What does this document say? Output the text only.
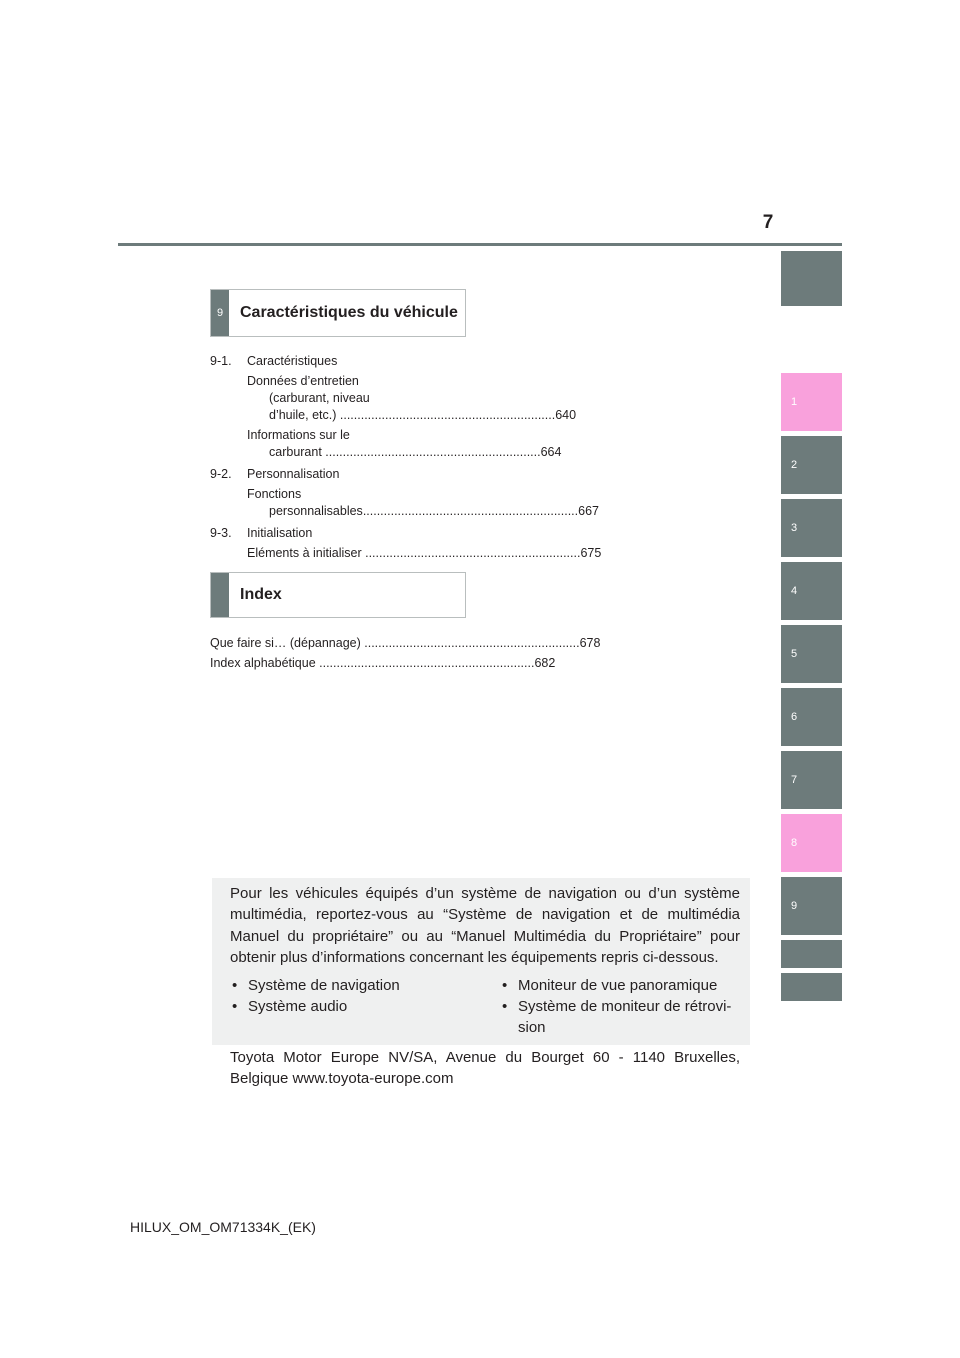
7
1
2
3
4
5
6
7
8
9
9	Caractéristiques du véhicule
9-1. Caractéristiques
Données d’entretien
(carburant, niveau
d’huile, etc.) .............................................................. 640
Informations sur le
carburant .............................................................. 664
9-2. Personnalisation
Fonctions
personnalisables .............................................................. 667
9-3. Initialisation
Eléments à initialiser .............................................................. 675
Index
Que faire si… (dépannage) .............................................................. 678
Index alphabétique .............................................................. 682
Pour les véhicules équipés d’un système de navigation ou d’un système multimédia, reportez-vous au “Système de navigation et de multimédia Manuel du propriétaire” ou au “Manuel Multimédia du Propriétaire” pour obtenir plus d’informations concernant les équipements repris ci-dessous.
• Système de navigation
• Système audio
• Moniteur de vue panoramique
• Système de moniteur de rétrovi-
sion
Toyota Motor Europe NV/SA, Avenue du Bourget 60 - 1140 Bruxelles, Belgique www.toyota-europe.com
HILUX_OM_OM71334K_(EK)
